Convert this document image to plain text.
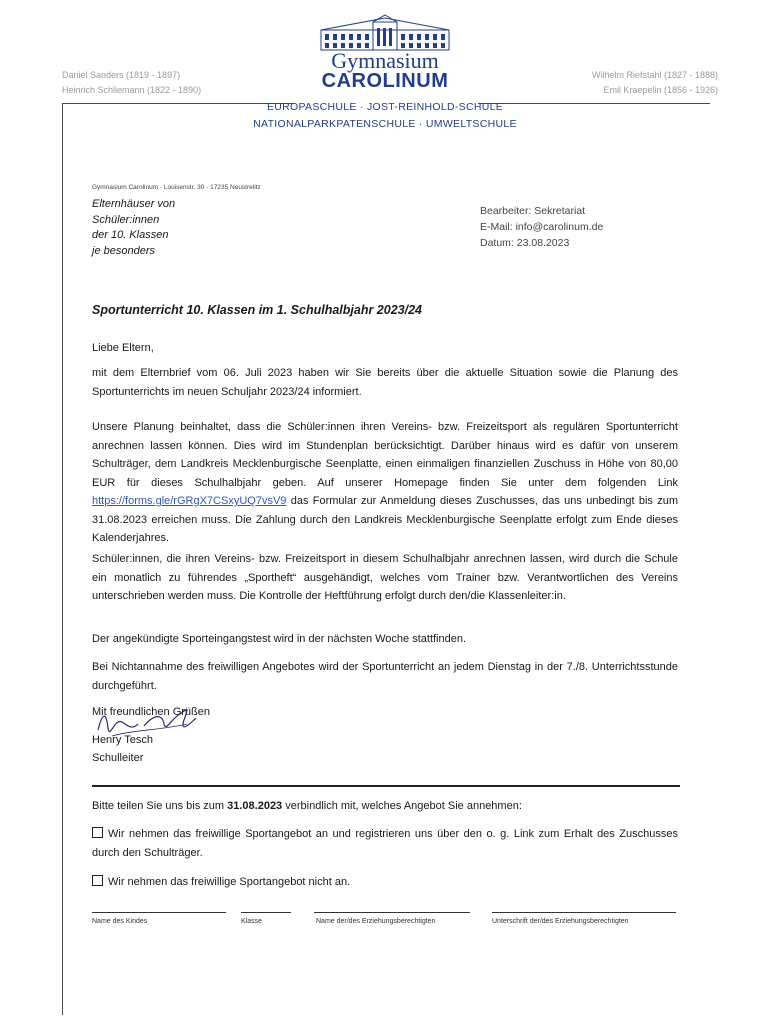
Daniel Sanders (1819 - 1897)
Heinrich Schliemann (1822 - 1890)
Wilhelm Riefstahl (1827 - 1888)
Emil Kraepelin (1856 - 1926)
Gymnasium
CAROLINUM
EUROPASCHULE · JOST-REINHOLD-SCHULE
NATIONALPARKPATENSCHULE · UMWELTSCHULE
Gymnasium Carolinum · Louisenstr. 30 · 17235 Neustrelitz
Elternhäuser von
Schüler:innen
der 10. Klassen
je besonders
Bearbeiter: Sekretariat
E-Mail: info@carolinum.de
Datum: 23.08.2023
Sportunterricht 10. Klassen im 1. Schulhalbjahr 2023/24
Liebe Eltern,
mit dem Elternbrief vom 06. Juli 2023 haben wir Sie bereits über die aktuelle Situation sowie die Planung des Sportunterrichts im neuen Schuljahr 2023/24 informiert.
Unsere Planung beinhaltet, dass die Schüler:innen ihren Vereins- bzw. Freizeitsport als regulären Sportunterricht anrechnen lassen können. Dies wird im Stundenplan berücksichtigt. Darüber hinaus wird es dafür von unserem Schulträger, dem Landkreis Mecklenburgische Seenplatte, einen einmaligen finanziellen Zuschuss in Höhe von 80,00 EUR für dieses Schulhalbjahr geben. Auf unserer Homepage finden Sie unter dem folgenden Link https://forms.gle/rGRgX7CSxyUQ7vsV9 das Formular zur Anmeldung dieses Zuschusses, das uns unbedingt bis zum 31.08.2023 erreichen muss. Die Zahlung durch den Landkreis Mecklenburgische Seenplatte erfolgt zum Ende dieses Kalenderjahres.
Schüler:innen, die ihren Vereins- bzw. Freizeitsport in diesem Schulhalbjahr anrechnen lassen, wird durch die Schule ein monatlich zu führendes „Sportheft“ ausgehändigt, welches vom Trainer bzw. Verantwortlichen des Vereins unterschrieben werden muss. Die Kontrolle der Heftführung erfolgt durch den/die Klassenleiter:in.
Der angekündigte Sporteingangstest wird in der nächsten Woche stattfinden.
Bei Nichtannahme des freiwilligen Angebotes wird der Sportunterricht an jedem Dienstag in der 7./8. Unterrichtsstunde durchgeführt.
Mit freundlichen Grüßen
Henry Tesch
Schulleiter
Bitte teilen Sie uns bis zum 31.08.2023 verbindlich mit, welches Angebot Sie annehmen:
Wir nehmen das freiwillige Sportangebot an und registrieren uns über den o. g. Link zum Erhalt des Zuschusses durch den Schulträger.
Wir nehmen das freiwillige Sportangebot nicht an.
Name des Kindes	Klasse	Name der/des Erziehungsberechtigten	Unterschrift der/des Erziehungsberechtigten
